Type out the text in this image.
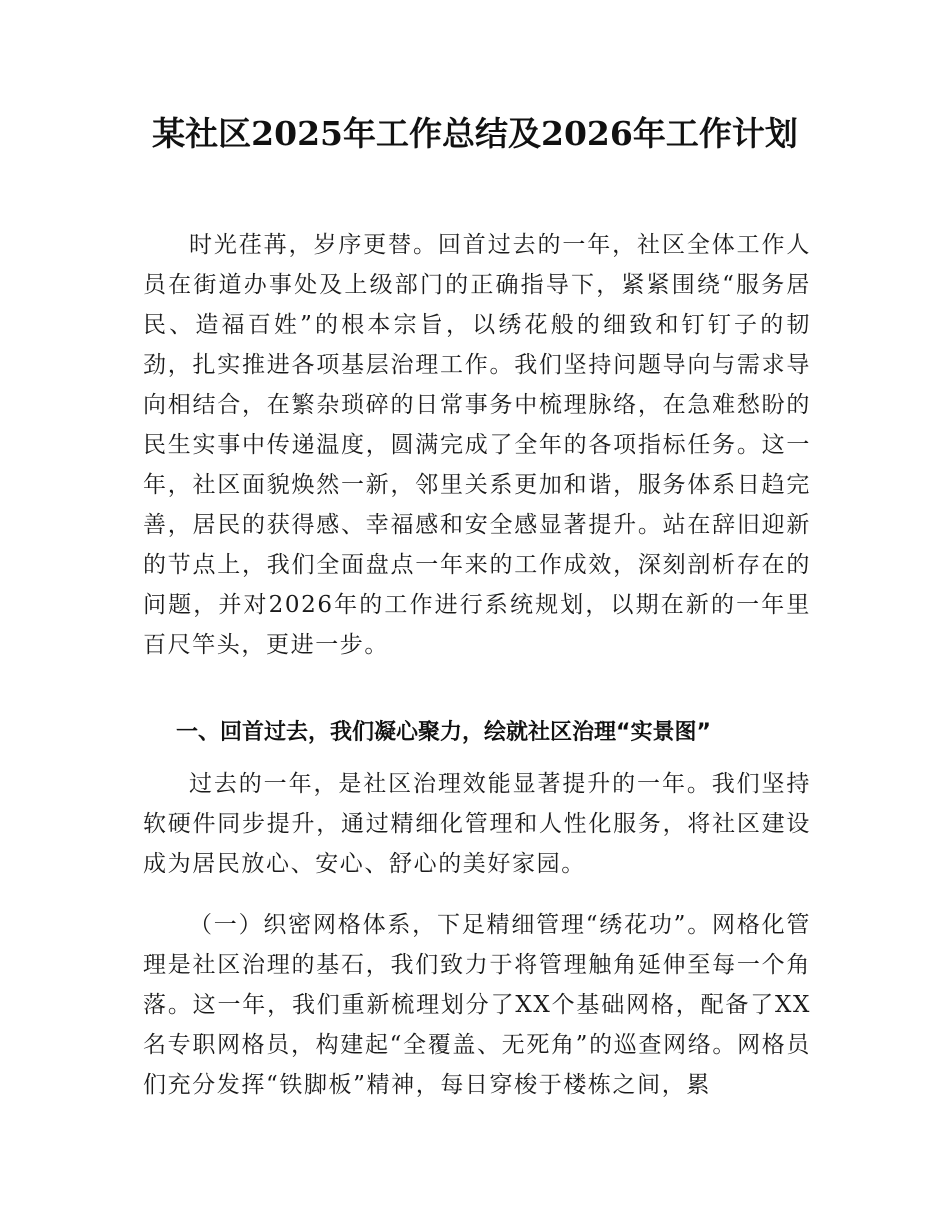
某社区2025年工作总结及2026年工作计划

时光荏苒，岁序更替。回首过去的一年，社区全体工作人员在街道办事处及上级部门的正确指导下，紧紧围绕“服务居民、造福百姓”的根本宗旨，以绣花般的细致和钉钉子的韧劲，扎实推进各项基层治理工作。我们坚持问题导向与需求导向相结合，在繁杂琐碎的日常事务中梳理脉络，在急难愁盼的民生实事中传递温度，圆满完成了全年的各项指标任务。这一年，社区面貌焕然一新，邻里关系更加和谐，服务体系日趋完善，居民的获得感、幸福感和安全感显著提升。站在辞旧迎新的节点上，我们全面盘点一年来的工作成效，深刻剖析存在的问题，并对2026年的工作进行系统规划，以期在新的一年里百尺竿头，更进一步。

一、回首过去，我们凝心聚力，绘就社区治理“实景图”

过去的一年，是社区治理效能显著提升的一年。我们坚持软硬件同步提升，通过精细化管理和人性化服务，将社区建设成为居民放心、安心、舒心的美好家园。

（一）织密网格体系，下足精细管理“绣花功”。网格化管理是社区治理的基石，我们致力于将管理触角延伸至每一个角落。这一年，我们重新梳理划分了XX个基础网格，配备了XX名专职网格员，构建起“全覆盖、无死角”的巡查网络。网格员们充分发挥“铁脚板”精神，每日穿梭于楼栋之间，累
